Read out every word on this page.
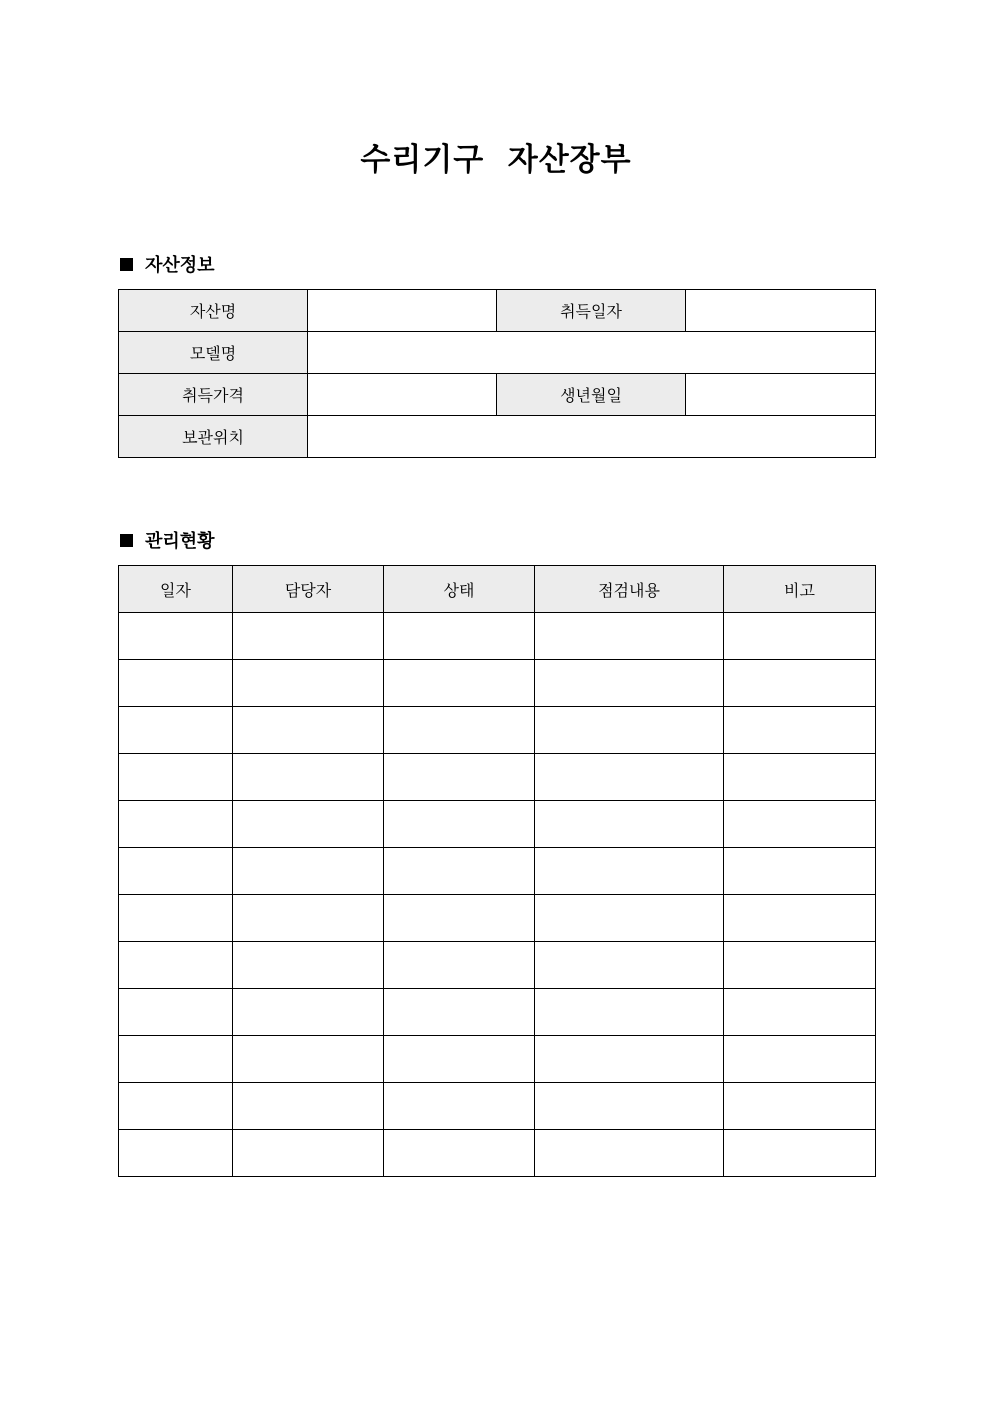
수리기구  자산장부
자산정보
자산명		취득일자	
모델명			
취득가격		생년월일	
보관위치			
관리현황
일자	담당자	상태	점검내용	비고
